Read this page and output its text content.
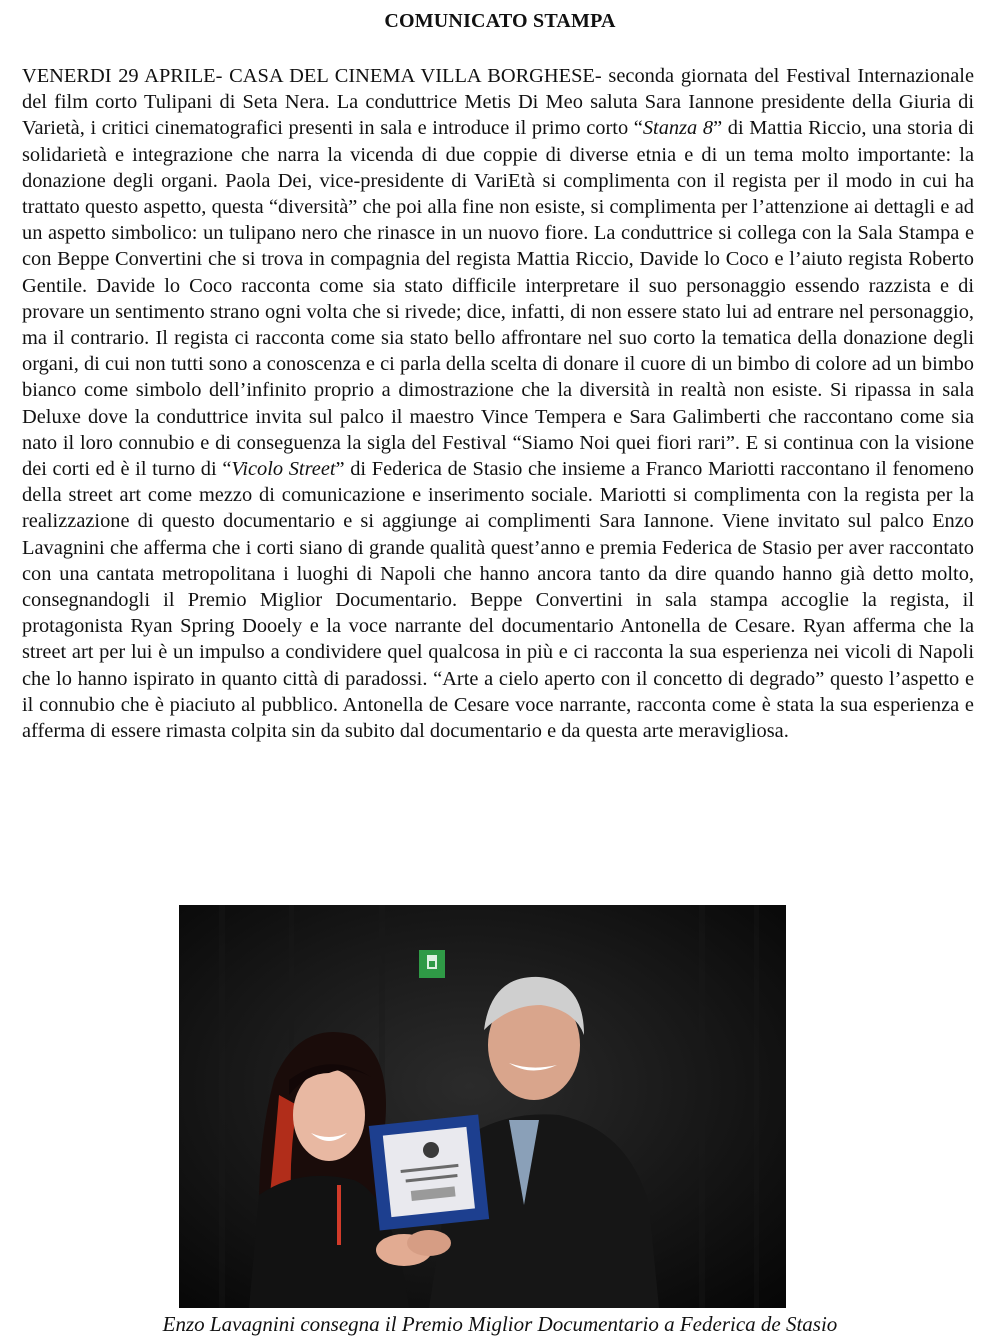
COMUNICATO STAMPA

VENERDI 29 APRILE- CASA DEL CINEMA VILLA BORGHESE- seconda giornata del Festival Internazionale del film corto Tulipani di Seta Nera. La conduttrice Metis Di Meo saluta Sara Iannone presidente della Giuria di Varietà, i critici cinematografici presenti in sala e introduce il primo corto “Stanza 8” di Mattia Riccio, una storia di solidarietà e integrazione che narra la vicenda di due coppie di diverse etnia e di un tema molto importante: la donazione degli organi. Paola Dei, vice-presidente di VariEtà si complimenta con il regista per il modo in cui ha trattato questo aspetto, questa “diversità” che poi alla fine non esiste, si complimenta per l’attenzione ai dettagli e ad un aspetto simbolico: un tulipano nero che rinasce in un nuovo fiore. La conduttrice si collega con la Sala Stampa e con Beppe Convertini che si trova in compagnia del regista Mattia Riccio, Davide lo Coco e l’aiuto regista Roberto Gentile. Davide lo Coco racconta come sia stato difficile interpretare il suo personaggio essendo razzista e di provare un sentimento strano ogni volta che si rivede; dice, infatti, di non essere stato lui ad entrare nel personaggio, ma il contrario. Il regista ci racconta come sia stato bello affrontare nel suo corto la tematica della donazione degli organi, di cui non tutti sono a conoscenza e ci parla della scelta di donare il cuore di un bimbo di colore ad un bimbo bianco come simbolo dell’infinito proprio a dimostrazione che la diversità in realtà non esiste. Si ripassa in sala Deluxe dove la conduttrice invita sul palco il maestro Vince Tempera e Sara Galimberti che raccontano come sia nato il loro connubio e di conseguenza la sigla del Festival “Siamo Noi quei fiori rari”. E si continua con la visione dei corti ed è il turno di “Vicolo Street” di Federica de Stasio che insieme a Franco Mariotti raccontano il fenomeno della street art come mezzo di comunicazione e inserimento sociale. Mariotti si complimenta con la regista per la realizzazione di questo documentario e si aggiunge ai complimenti Sara Iannone. Viene invitato sul palco Enzo Lavagnini che afferma che i corti siano di grande qualità quest’anno e premia Federica de Stasio per aver raccontato con una cantata metropolitana i luoghi di Napoli che hanno ancora tanto da dire quando hanno già detto molto, consegnandogli il Premio Miglior Documentario. Beppe Convertini in sala stampa accoglie la regista, il protagonista Ryan Spring Dooely e la voce narrante del documentario Antonella de Cesare. Ryan afferma che la street art per lui è un impulso a condividere quel qualcosa in più e ci racconta la sua esperienza nei vicoli di Napoli che lo hanno ispirato in quanto città di paradossi. “Arte a cielo aperto con il concetto di degrado” questo l’aspetto e il connubio che è piaciuto al pubblico. Antonella de Cesare voce narrante, racconta come è stata la sua esperienza e afferma di essere rimasta colpita sin da subito dal documentario e da questa arte meravigliosa.

Enzo Lavagnini consegna il Premio Miglior Documentario a Federica de Stasio
